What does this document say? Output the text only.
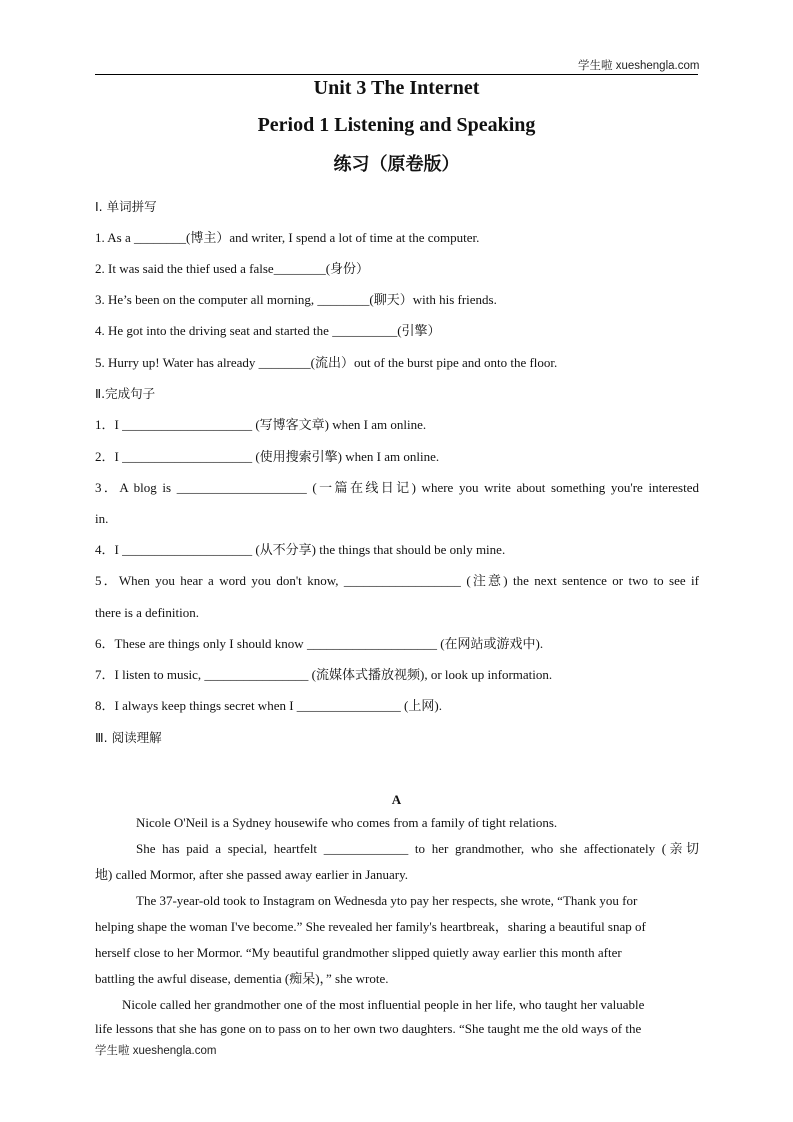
学生啦 xueshengla.com
Unit 3 The Internet
Period 1 Listening and Speaking
练习（原卷版）
Ⅰ. 单词拼写
1. As a ________(博主）and writer, I spend a lot of time at the computer.
2. It was said the thief used a false________(身份）
3. He’s been on the computer all morning, ________(聊天）with his friends.
4. He got into the driving seat and started the __________(引擎）
5. Hurry up! Water has already ________(流出）out of the burst pipe and onto the floor.
Ⅱ.完成句子
1．I ____________________ (写博客文章) when I am online.
2．I ____________________ (使用搜索引擎) when I am online.
3．A blog is ____________________ (一篇在线日记) where you write about something you're interested
in.
4．I ____________________ (从不分享) the things that should be only mine.
5．When you hear a word you don't know, __________________ (注意) the next sentence or two to see if
there is a definition.
6．These are things only I should know ____________________ (在网站或游戏中).
7．I listen to music, ________________ (流媒体式播放视频), or look up information.
8．I always keep things secret when I ________________ (上网).
Ⅲ. 阅读理解
A
Nicole O'Neil is a Sydney housewife who comes from a family of tight relations.
She has paid a special, heartfelt _____________ to her grandmother, who she affectionately (亲切
地) called Mormor, after she passed away earlier in January.
The 37-year-old took to Instagram on Wednesda yto pay her respects, she wrote, “Thank you for
helping shape the woman I've become.” She revealed her family's heartbreak，sharing a beautiful snap of
herself close to her Mormor. “My beautiful grandmother slipped quietly away earlier this month after
battling the awful disease, dementia (痴呆)，” she wrote.
Nicole called her grandmother one of the most influential people in her life, who taught her valuable
life lessons that she has gone on to pass on to her own two daughters. “She taught me the old ways of the
学生啦 xueshengla.com
